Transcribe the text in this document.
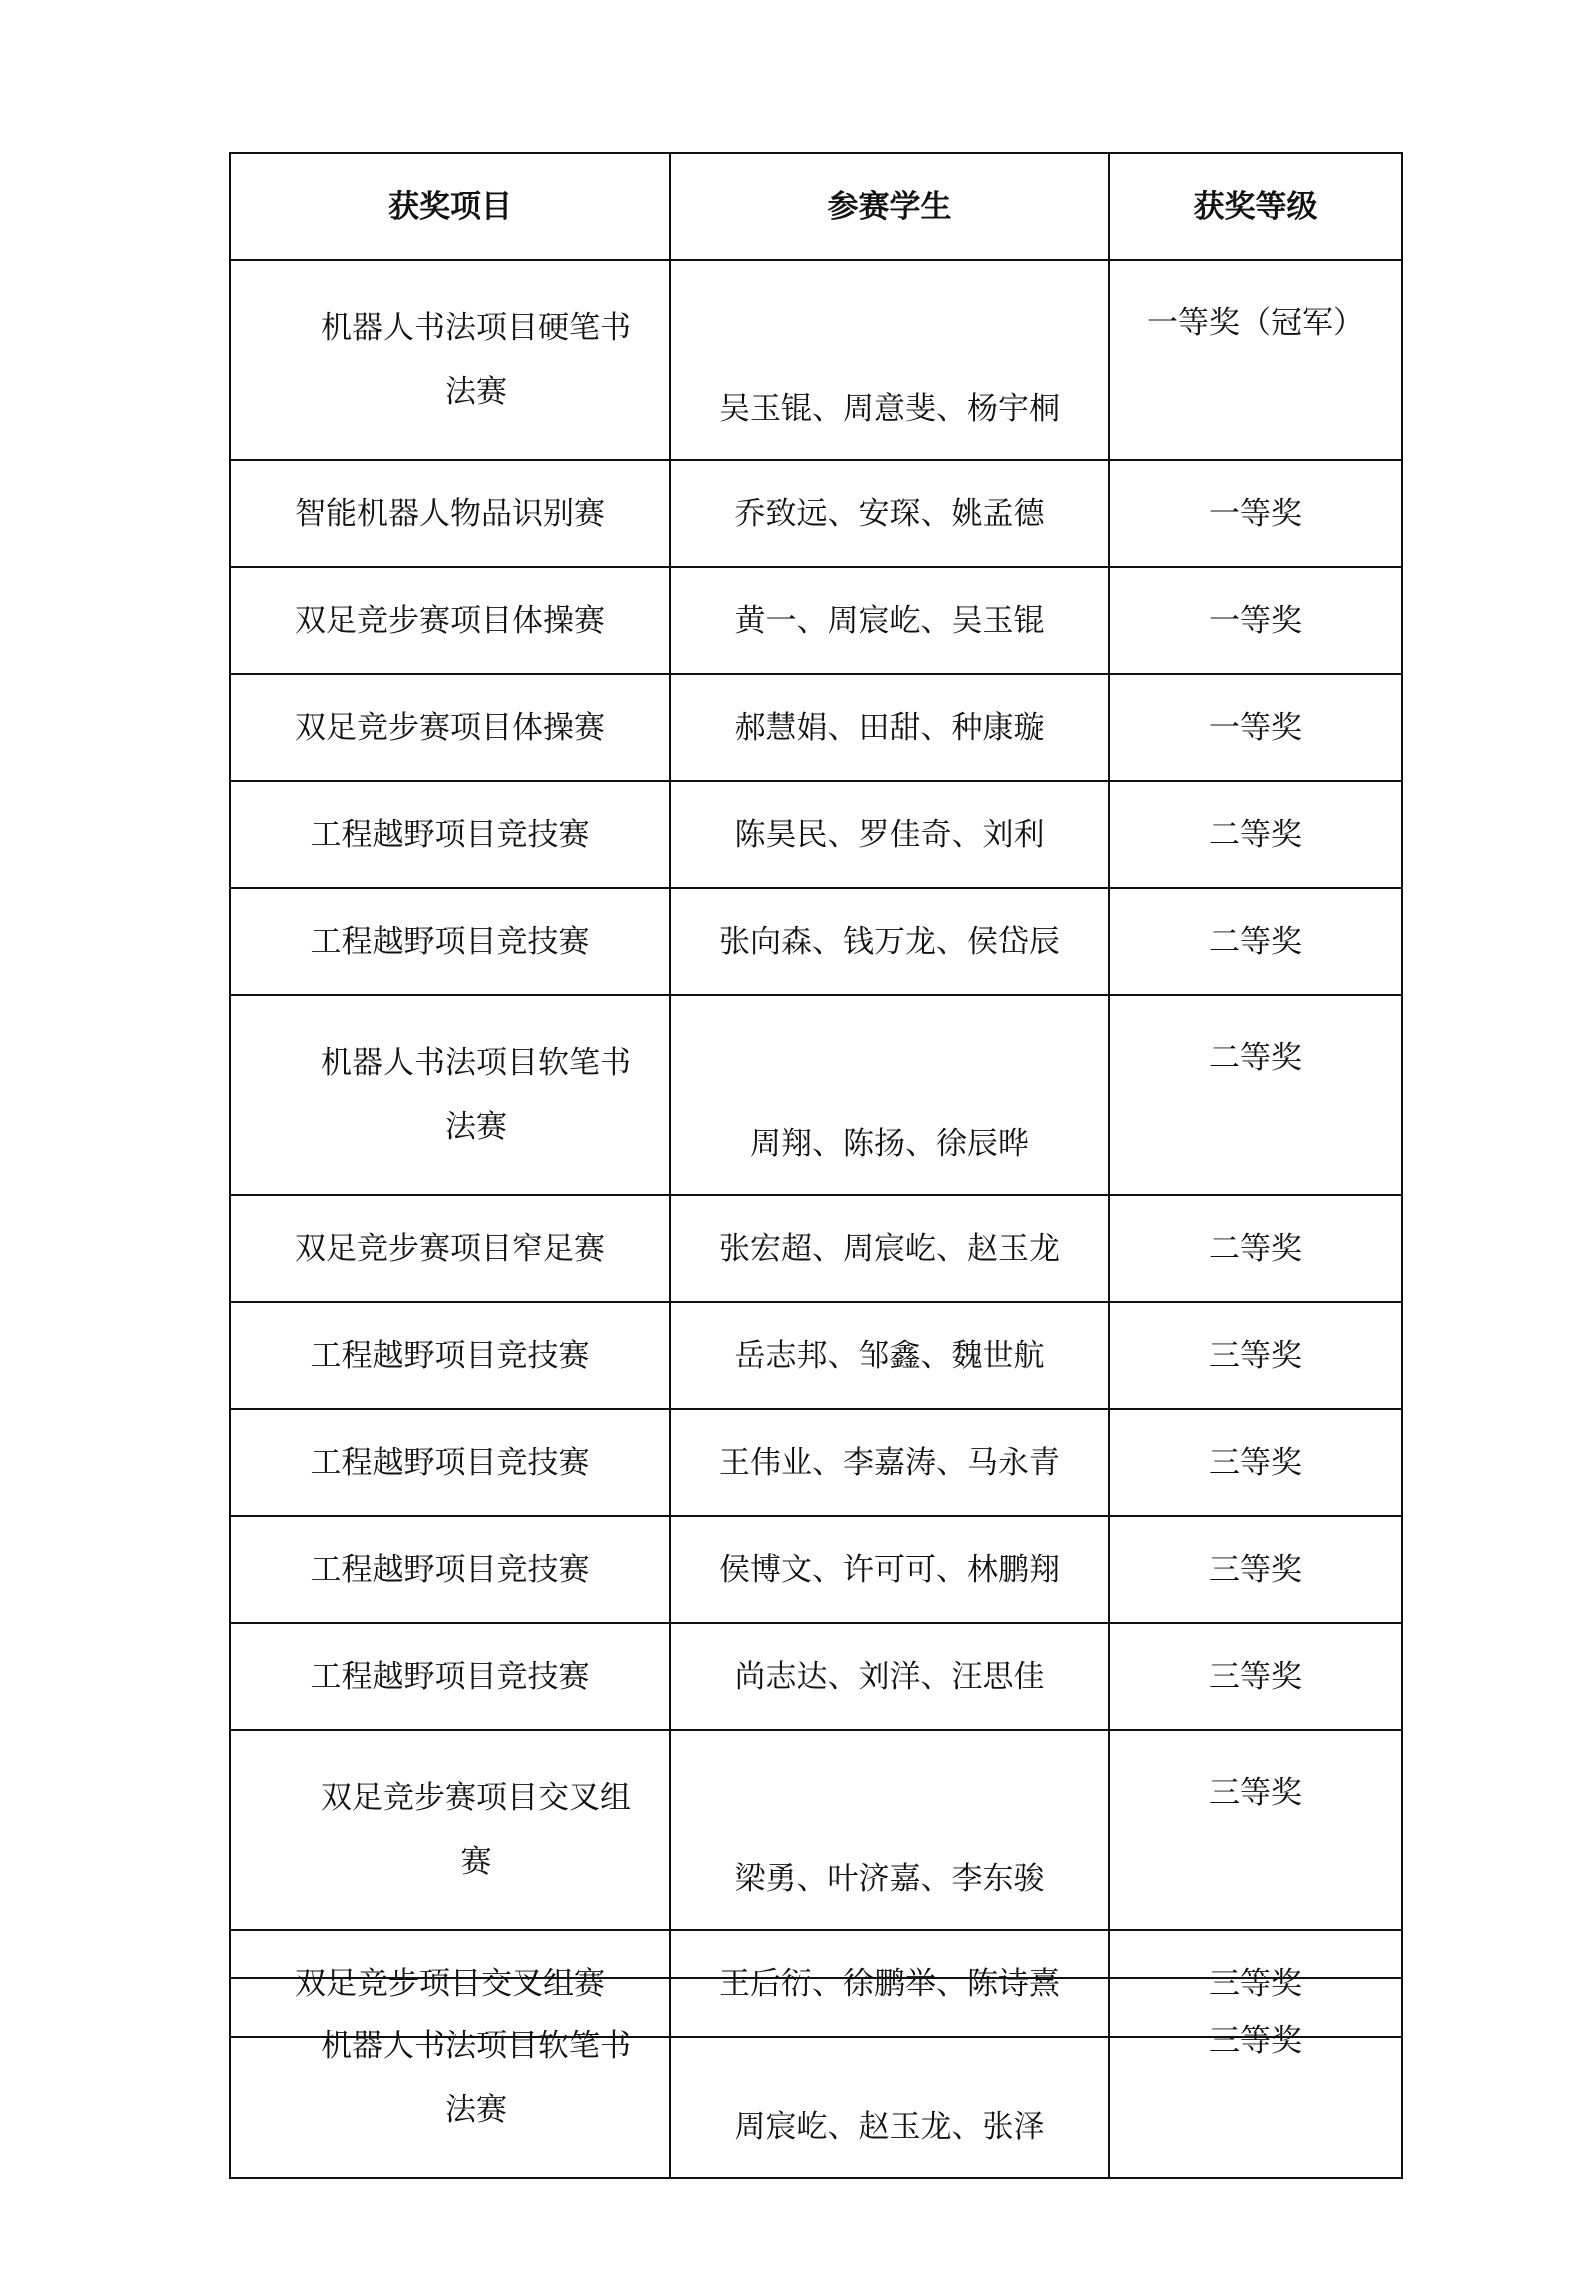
获奖项目	参赛学生	获奖等级

机器人书法项目硬笔书
法赛	吴玉锟、周意斐、杨宇桐	一等奖（冠军）
智能机器人物品识别赛	乔致远、安琛、姚孟德	一等奖
双足竞步赛项目体操赛	黄一、周宸屹、吴玉锟	一等奖
双足竞步赛项目体操赛	郝慧娟、田甜、种康璇	一等奖
工程越野项目竞技赛	陈昊民、罗佳奇、刘利	二等奖
工程越野项目竞技赛	张向森、钱万龙、侯岱辰	二等奖

机器人书法项目软笔书
法赛	周翔、陈扬、徐辰晔	二等奖
双足竞步赛项目窄足赛	张宏超、周宸屹、赵玉龙	二等奖
工程越野项目竞技赛	岳志邦、邹鑫、魏世航	三等奖
工程越野项目竞技赛	王伟业、李嘉涛、马永青	三等奖
工程越野项目竞技赛	侯博文、许可可、林鹏翔	三等奖
工程越野项目竞技赛	尚志达、刘洋、汪思佳	三等奖

双足竞步赛项目交叉组
赛	梁勇、叶济嘉、李东骏	三等奖
双足竞步项目交叉组赛	王后衍、徐鹏举、陈诗熹	三等奖
机器人书法项目软笔书
法赛	周宸屹、赵玉龙、张泽	三等奖
